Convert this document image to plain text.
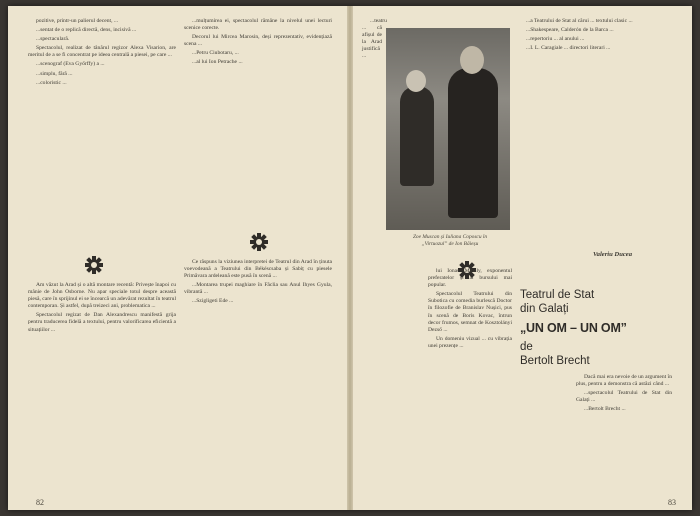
pozitive, printr-un palierul decent, ...

...sentat de o replică directă, dens, incisivă ...

...spectaculară.

Spectacolul, realizat de tânărul regizor Alexa Visarion, are meritul de a se fi concentrat pe ideea centrală a piesei, pe care ...

...scenograf (Eva Győrffy) a ...

...simplu, fără ...

...coloristic ...

...mulțumirea ei, spectacolul rămâne la nivelul unei lecturi scenice corecte.

Decorul lui Mircea Marosin, deși reprezentativ, evidențiază scena ...

...Petru Ciubotaru, ...

...al lui Ion Petrache ...

Am văzut la Arad și o altă montare recentă: Privește înapoi cu mânie de John Osborne. Nu apar speciale totul despre această piesă, care în sprijinul ei se încearcă un adevărat rezultat în teatrul contemporan. Și astfel, după treizeci ani, problematica ...

Spectacolul regizat de Dan Alexandrescu manifestă grija pentru traducerea fidelă a textului, pentru valorificarea eficientă a situațiilor ...

Ce răspuns la viziunea interpretei de Teatrul din Arad în ținuta voevodeană a Teatrului din Békéscsaba și Sabiț cu piesele Primăvara ardeleană este pusă în scenă ...

...Montarea trupei maghiare în Fâclia sau Anul Ihyes Gyula, vibrantă ...

...Szigligeti Ede ...

82
Zoe Muscan și Iuliana Coposcu în „Virtuozul” de Ion Băieșu

...a Teatrului de Stat al cărui ... textului clasic ...

...Shakespeare, Calderón de la Barca ...

...repertoriu ... al anului ...

...I. L. Caragiale ... directori literari ...

Valeriu Ducea

...teatru ... că afișul de la Arad justifică ...

lui Ionas Mihaly, exponentul preferatelor și al bursului mai popular.

Spectacolul Teatrului din Subotica cu comedia burlescă Doctor în filozofie de Branislav Nușici, pus în scenă de Boris Kovac, întrun decor frumos, semnat de Kosztolányi Dezső ...

Un domeniu vizual ... cu vibrația unei prezențe ...

Teatrul de Stat
din Galați
„UN OM – UN OM”
de
Bertolt Brecht

Dacă mai era nevoie de un argument în plus, pentru a demonstra că astăzi când ...

...spectacolul Teatrului de Stat din Galați ...

...Bertolt Brecht ...

83
